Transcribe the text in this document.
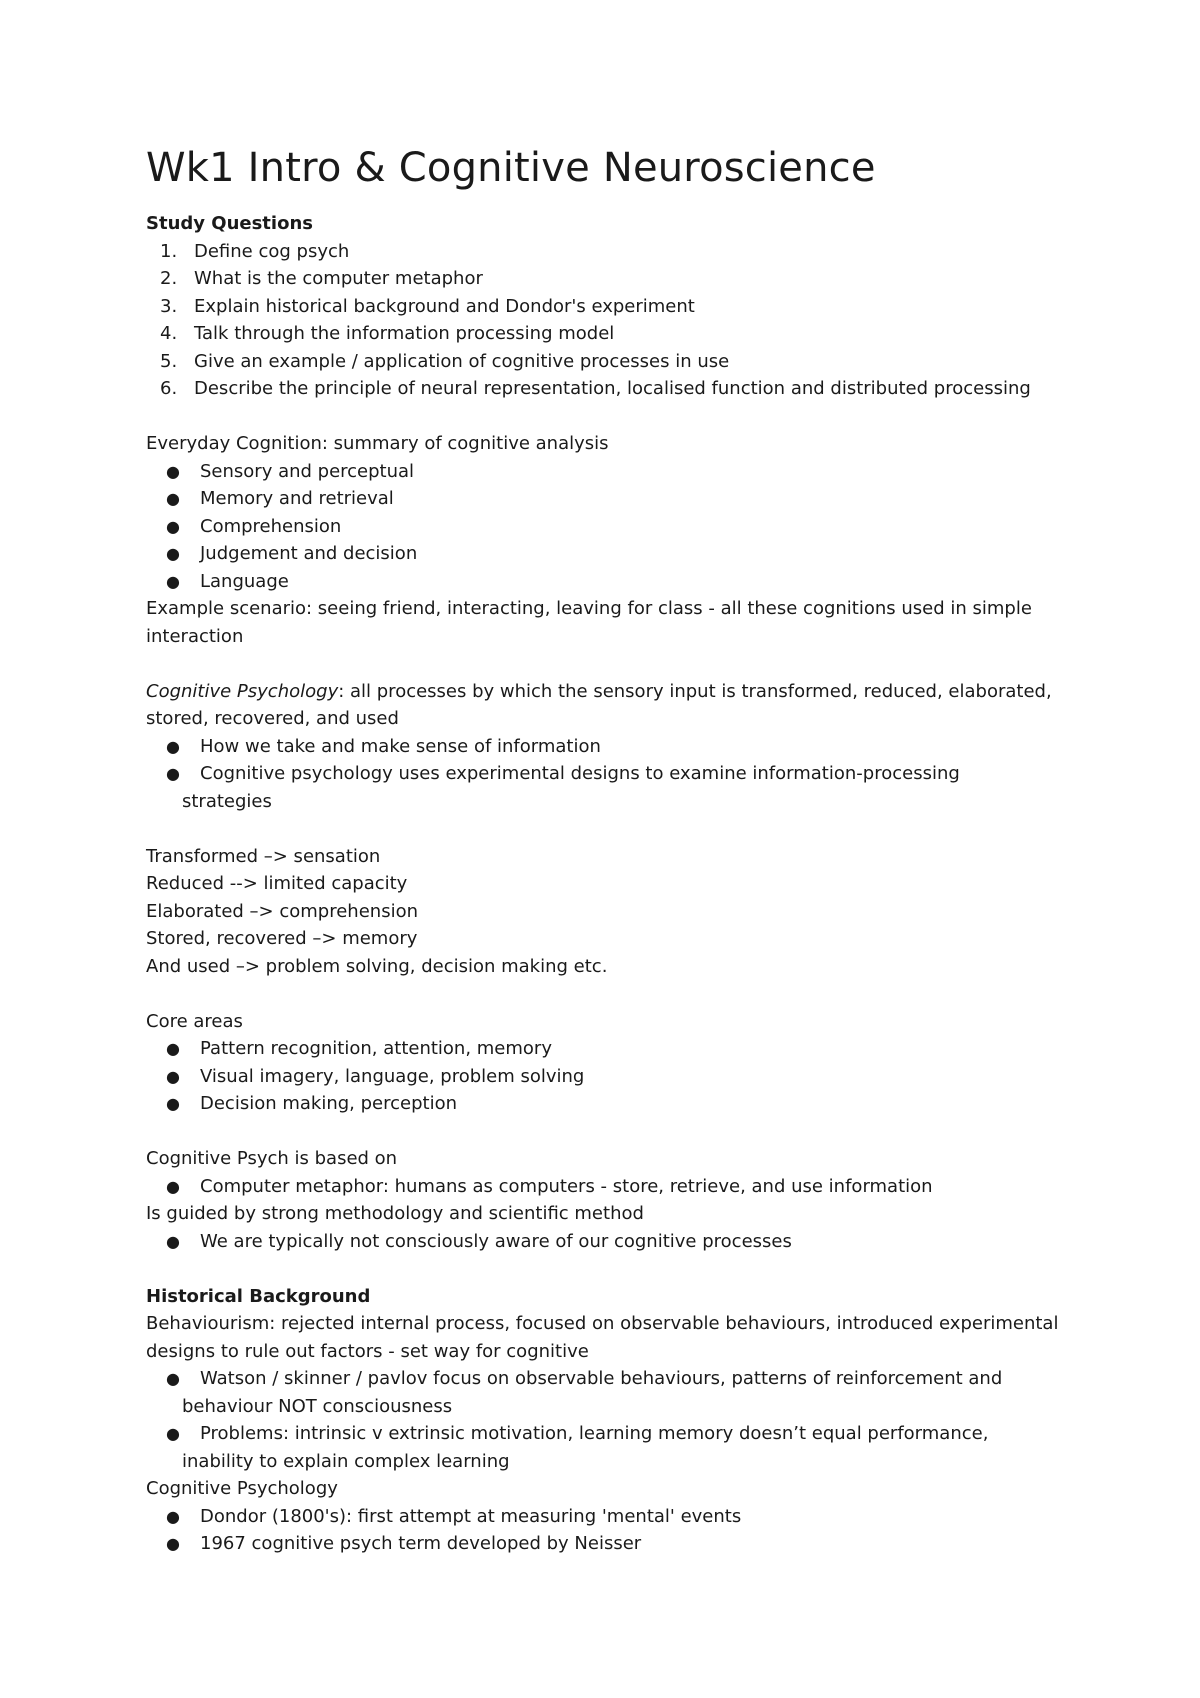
Wk1 Intro & Cognitive Neuroscience
Study Questions
1. Define cog psych
2. What is the computer metaphor
3. Explain historical background and Dondor's experiment
4. Talk through the information processing model
5. Give an example / application of cognitive processes in use
6. Describe the principle of neural representation, localised function and distributed processing
Everyday Cognition: summary of cognitive analysis
● Sensory and perceptual
● Memory and retrieval
● Comprehension
● Judgement and decision
● Language
Example scenario: seeing friend, interacting, leaving for class - all these cognitions used in simple
interaction
Cognitive Psychology: all processes by which the sensory input is transformed, reduced, elaborated,
stored, recovered, and used
● How we take and make sense of information
● Cognitive psychology uses experimental designs to examine information-processing
strategies
Transformed –> sensation
Reduced --> limited capacity
Elaborated –> comprehension
Stored, recovered –> memory
And used –> problem solving, decision making etc.
Core areas
● Pattern recognition, attention, memory
● Visual imagery, language, problem solving
● Decision making, perception
Cognitive Psych is based on
● Computer metaphor: humans as computers - store, retrieve, and use information
Is guided by strong methodology and scientific method
● We are typically not consciously aware of our cognitive processes
Historical Background
Behaviourism: rejected internal process, focused on observable behaviours, introduced experimental
designs to rule out factors - set way for cognitive
● Watson / skinner / pavlov focus on observable behaviours, patterns of reinforcement and
behaviour NOT consciousness
● Problems: intrinsic v extrinsic motivation, learning memory doesn’t equal performance,
inability to explain complex learning
Cognitive Psychology
● Dondor (1800's): first attempt at measuring 'mental' events
● 1967 cognitive psych term developed by Neisser
